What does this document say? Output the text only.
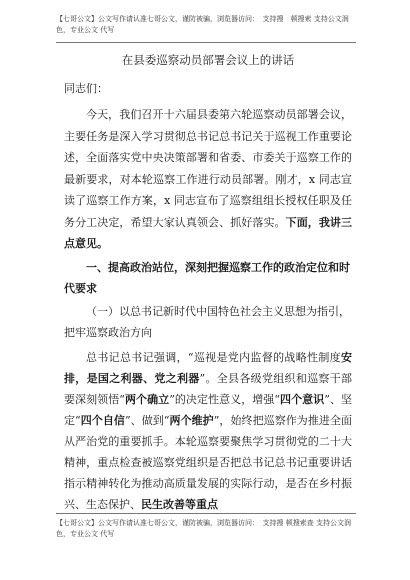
【七哥公文】公文写作请认准七哥公文，谨防被骗，浏览器访问：　支持搜　顿搜索 支持公文润色，专业公文 代写
在县委巡察动员部署会议上的讲话
同志们：

今天，我们召开十六届县委第六轮巡察动员部署会议，主要任务是深入学习贯彻总书记总书记关于巡视工作重要论述，全面落实党中央决策部署和省委、市委关于巡察工作的最新要求，对本轮巡察工作进行动员部署。刚才，x 同志宣读了巡察工作方案，x 同志宣布了巡察组组长授权任职及任务分工决定，希望大家认真领会、抓好落实。下面，我讲三点意见。

一、提高政治站位，深刻把握巡察工作的政治定位和时代要求
（一）以总书记新时代中国特色社会主义思想为指引，把牢巡察政治方向

总书记总书记强调，“巡视是党内监督的战略性制度安排，是国之利器、党之利器”。全县各级党组织和巡察干部要深刻领悟“两个确立”的决定性意义，增强“四个意识”、坚定“四个自信”、做到“两个维护”，始终把巡察作为推进全面从严治党的重要抓手。本轮巡察要聚焦学习贯彻党的二十大精神，重点检查被巡察党组织是否把总书记总书记重要讲话指示精神转化为推动高质量发展的实际行动，是否在乡村振兴、生态保护、民生改善等重点

【七哥公文】公文写作请认准七哥公文，谨防被骗，浏览器访问：　支持搜 顿搜索查 支持公文润色，专业公文 代写
